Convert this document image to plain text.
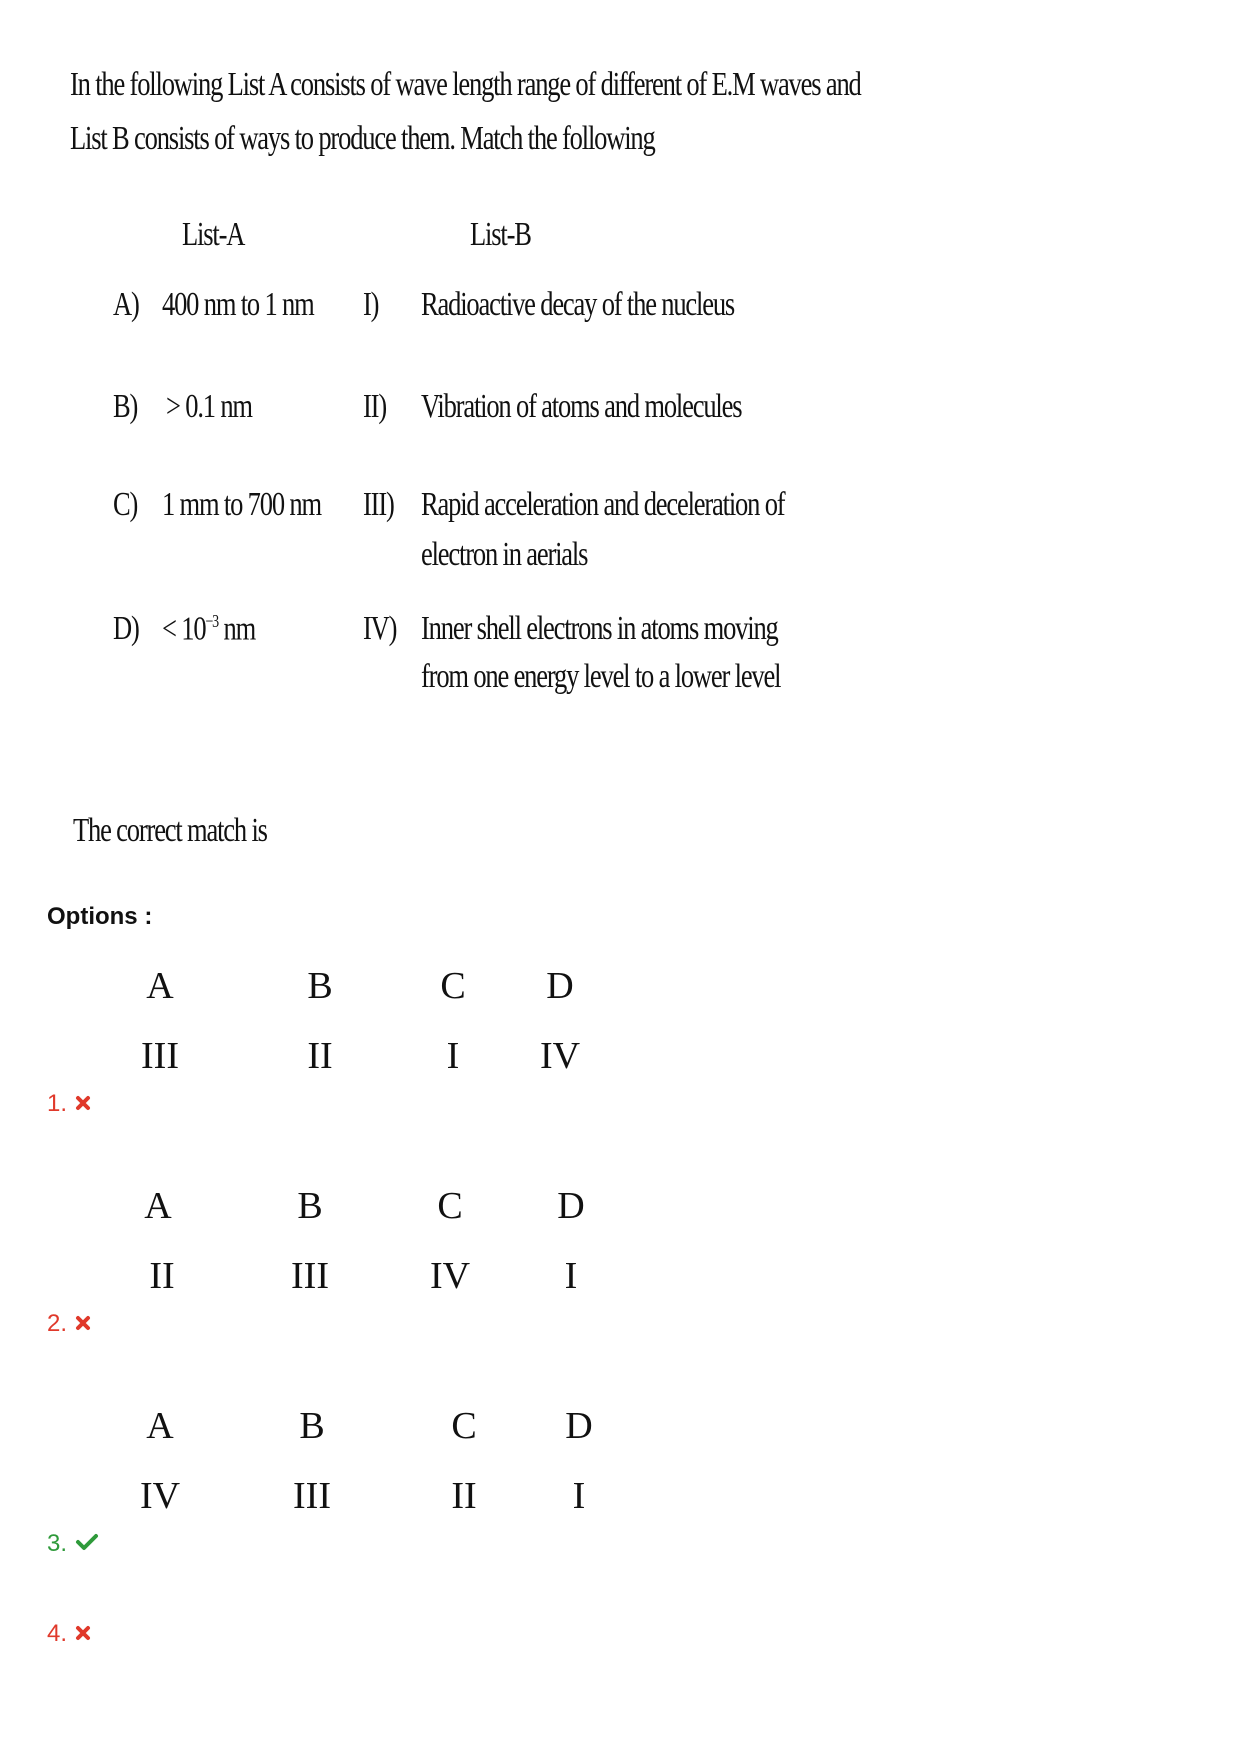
In the following List A consists of wave length range of different of E.M waves and
List B consists of ways to produce them. Match the following
List-A	List-B
A) 400 nm to 1 nm I) Radioactive decay of the nucleus
B) > 0.1 nm	II) Vibration of atoms and molecules
C) 1 mm to 700 nm III) Rapid acceleration and deceleration of
electron in aerials
$D) < 10^{-3}$ nm	IV) Inner shell electrons in atoms moving
from one energy level to a lower level
The correct match is
Options :
A	B	C	D
III	II	I	IV
1.
A	B	C	D
II	III	IV	I
2.
A	B	C	D
IV	III	II	I
3.
4.
